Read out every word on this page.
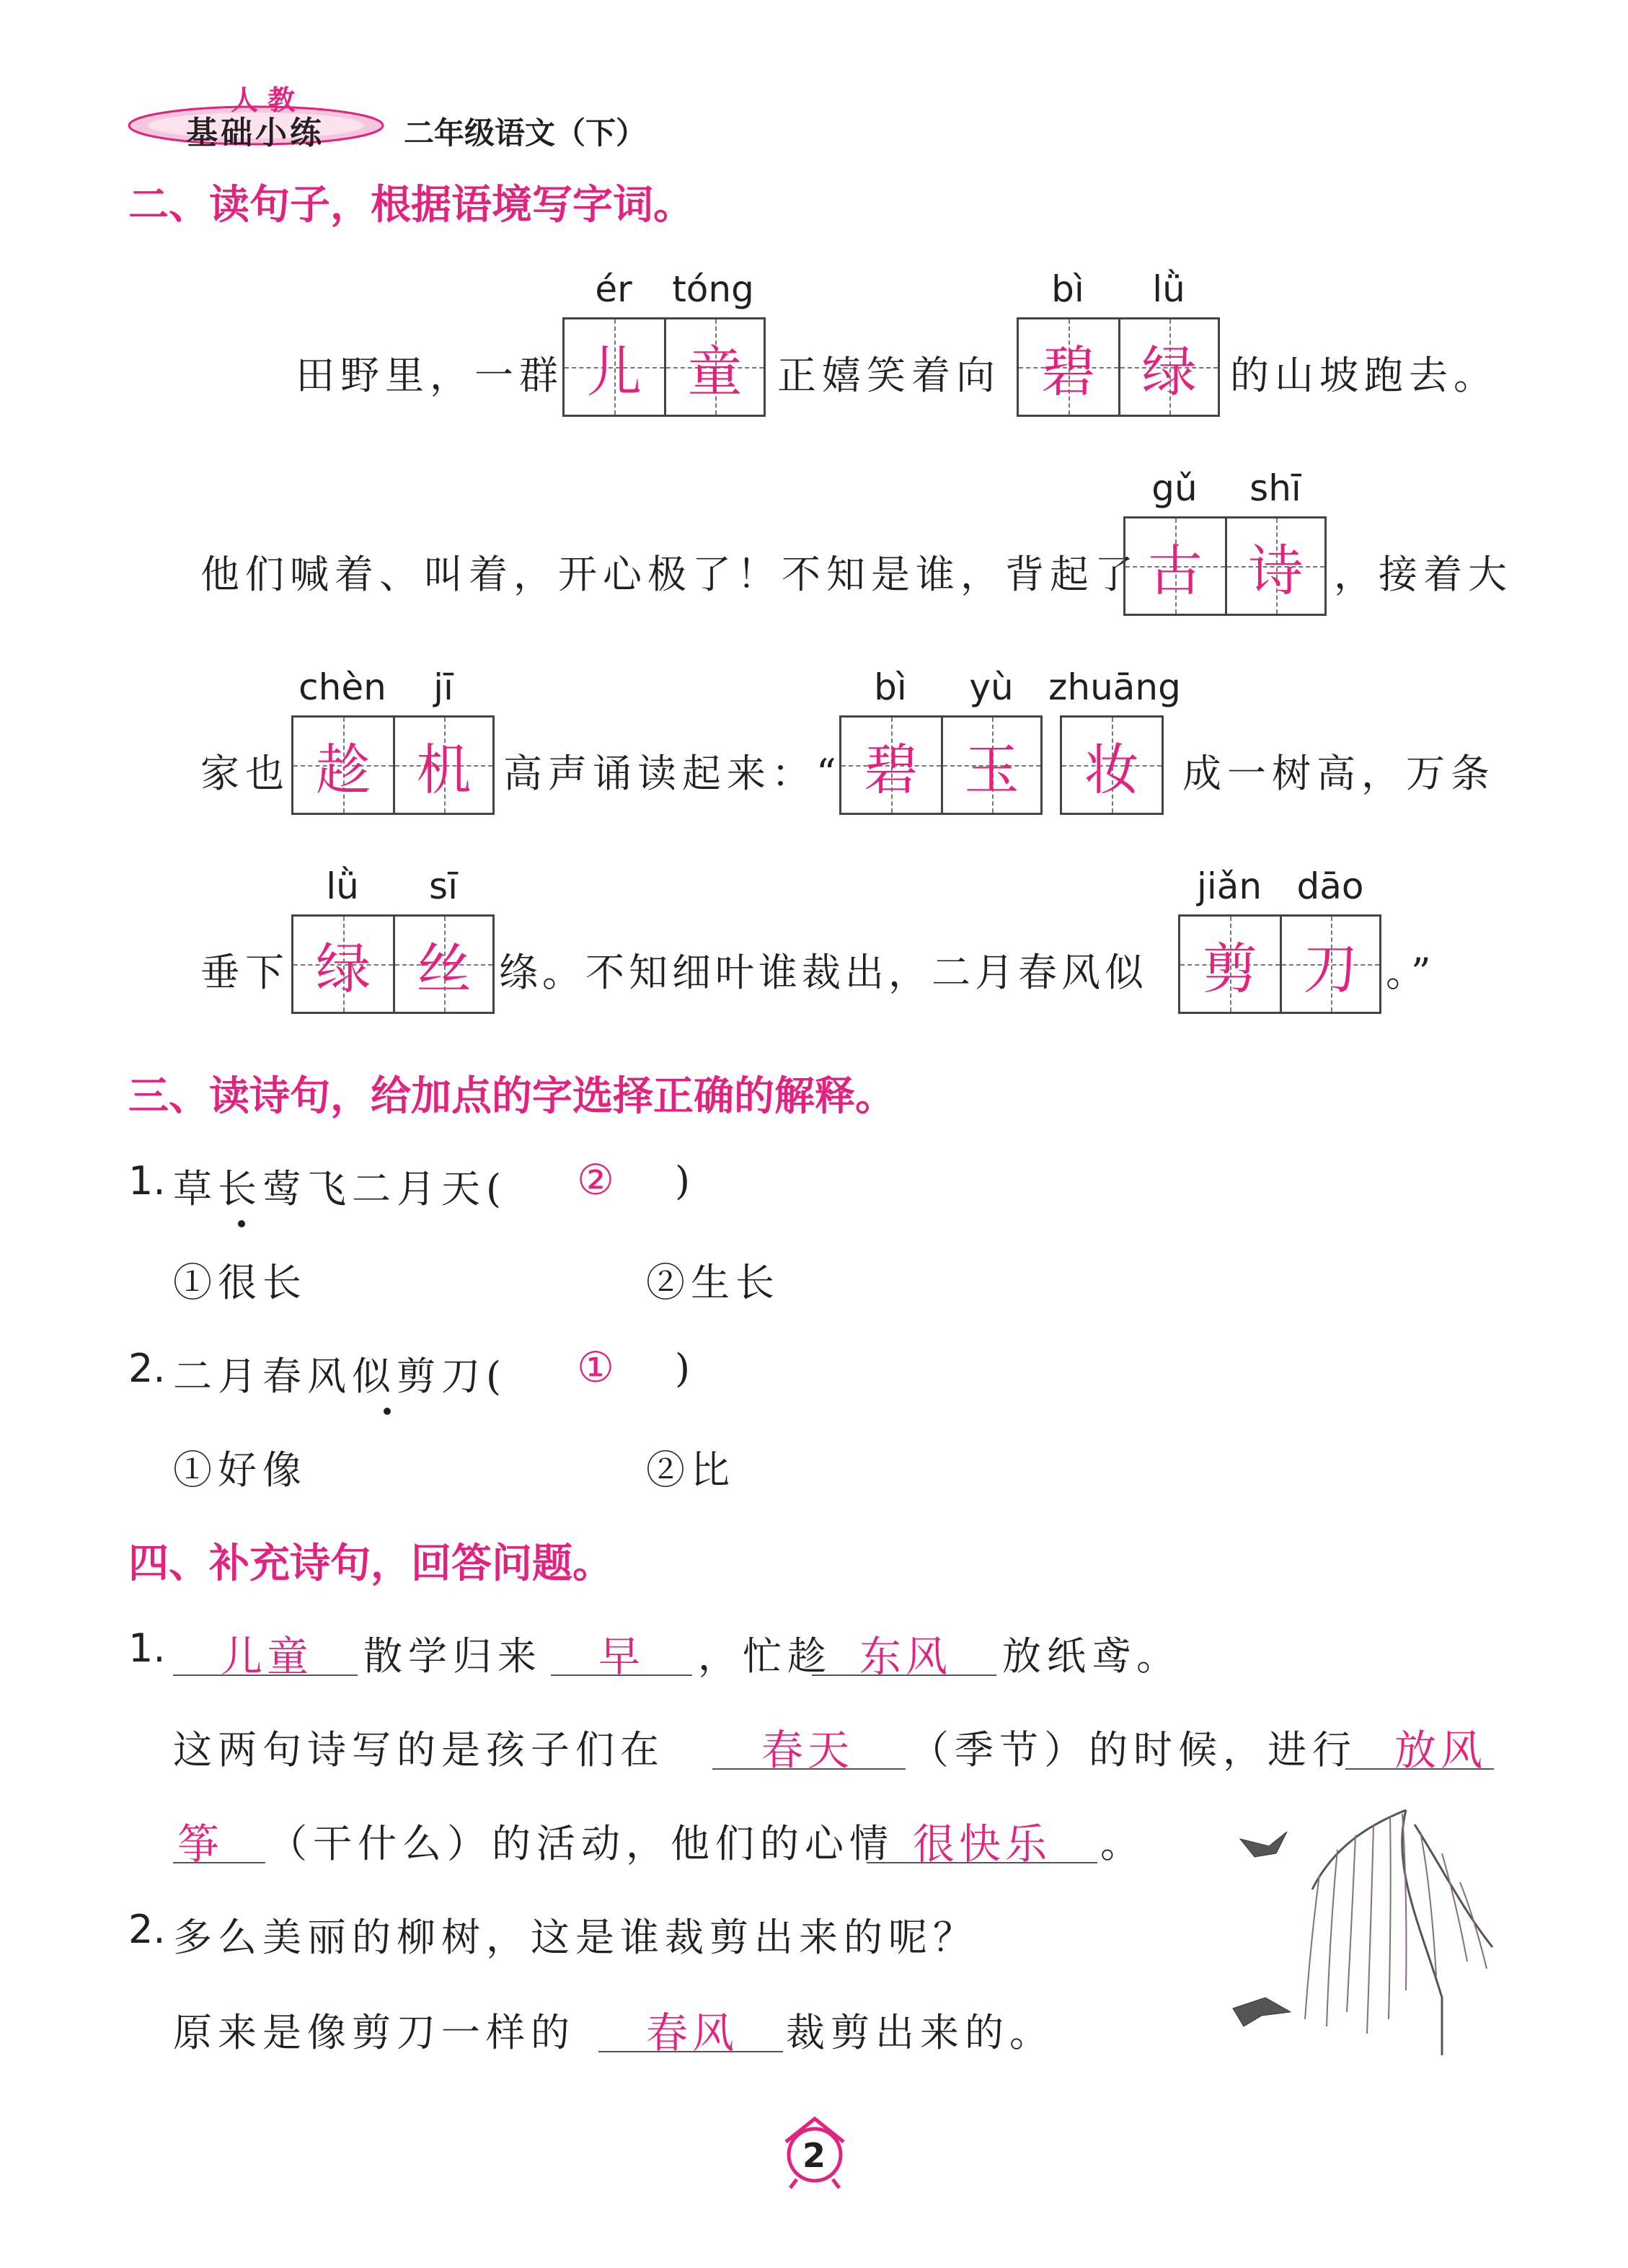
人 教
基础小练	二年级语文（下）
二、读句子，根据语境写字词。
田野里，一群
ér	tóng
儿 童 正嬉笑着向
bì	lǜ
碧 绿 的山坡跑去。
他们喊着、叫着，开心极了！不知是谁，背起了
gǔ	shī
古 诗 ，接着大
家也
chèn	jī
趁 机 高声诵读起来：“
bì	yù zhuāng
碧 玉 妆 成一树高，万条
垂下
lǜ	sī
绿 丝 绦。不知细叶谁裁出，二月春风似
jiǎn dāo
剪 刀 。”
三、读诗句，给加点的字选择正确的解释。
1. 草长莺飞二月天( ② )
①很长	②生长
2. 二月春风似剪刀( ① )
①好像	②比
四、补充诗句，回答问题。
1. 儿童 散学归来 早 ，忙趁 东风 放纸鸢。
这两句诗写的是孩子们在 春天 （季节）的时候，进行 放风
筝 （干什么）的活动，他们的心情 很快乐 。
2. 多么美丽的柳树，这是谁裁剪出来的呢？
原来是像剪刀一样的 春风 裁剪出来的。
2
